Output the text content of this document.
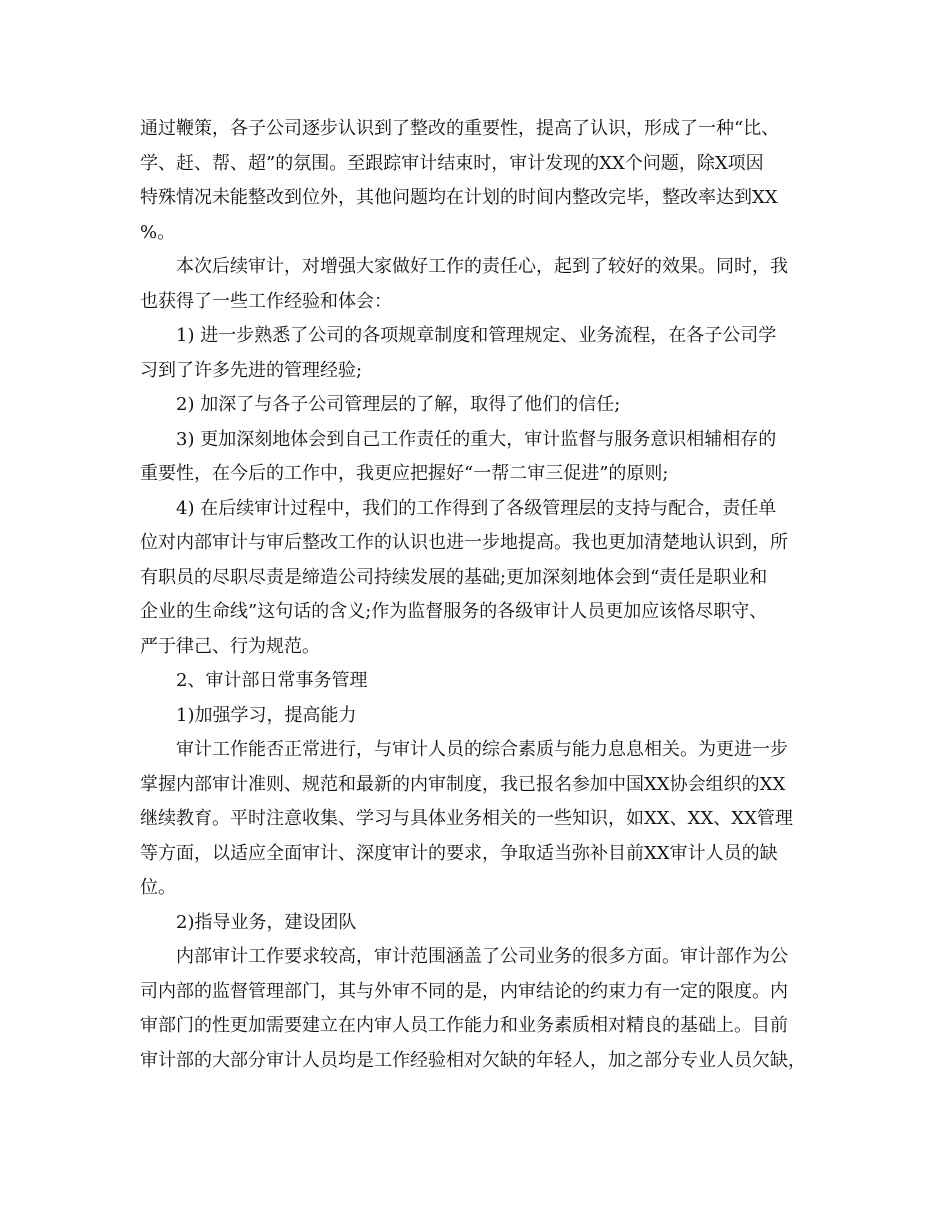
通过鞭策，各子公司逐步认识到了整改的重要性，提高了认识，形成了一种“比、
学、赶、帮、超”的氛围。至跟踪审计结束时，审计发现的XX个问题，除X项因
特殊情况未能整改到位外，其他问题均在计划的时间内整改完毕，整改率达到XX
%。
本次后续审计，对增强大家做好工作的责任心，起到了较好的效果。同时，我
也获得了一些工作经验和体会：
1) 进一步熟悉了公司的各项规章制度和管理规定、业务流程，在各子公司学
习到了许多先进的管理经验;
2) 加深了与各子公司管理层的了解，取得了他们的信任;
3) 更加深刻地体会到自己工作责任的重大，审计监督与服务意识相辅相存的
重要性，在今后的工作中，我更应把握好“一帮二审三促进”的原则;
4) 在后续审计过程中，我们的工作得到了各级管理层的支持与配合，责任单
位对内部审计与审后整改工作的认识也进一步地提高。我也更加清楚地认识到，所
有职员的尽职尽责是缔造公司持续发展的基础;更加深刻地体会到“责任是职业和
企业的生命线”这句话的含义;作为监督服务的各级审计人员更加应该恪尽职守、
严于律己、行为规范。
2、审计部日常事务管理
1)加强学习，提高能力
审计工作能否正常进行，与审计人员的综合素质与能力息息相关。为更进一步
掌握内部审计准则、规范和最新的内审制度，我已报名参加中国XX协会组织的XX
继续教育。平时注意收集、学习与具体业务相关的一些知识，如XX、XX、XX管理
等方面，以适应全面审计、深度审计的要求，争取适当弥补目前XX审计人员的缺
位。
2)指导业务，建设团队
内部审计工作要求较高，审计范围涵盖了公司业务的很多方面。审计部作为公
司内部的监督管理部门，其与外审不同的是，内审结论的约束力有一定的限度。内
审部门的性更加需要建立在内审人员工作能力和业务素质相对精良的基础上。目前
审计部的大部分审计人员均是工作经验相对欠缺的年轻人，加之部分专业人员欠缺，
